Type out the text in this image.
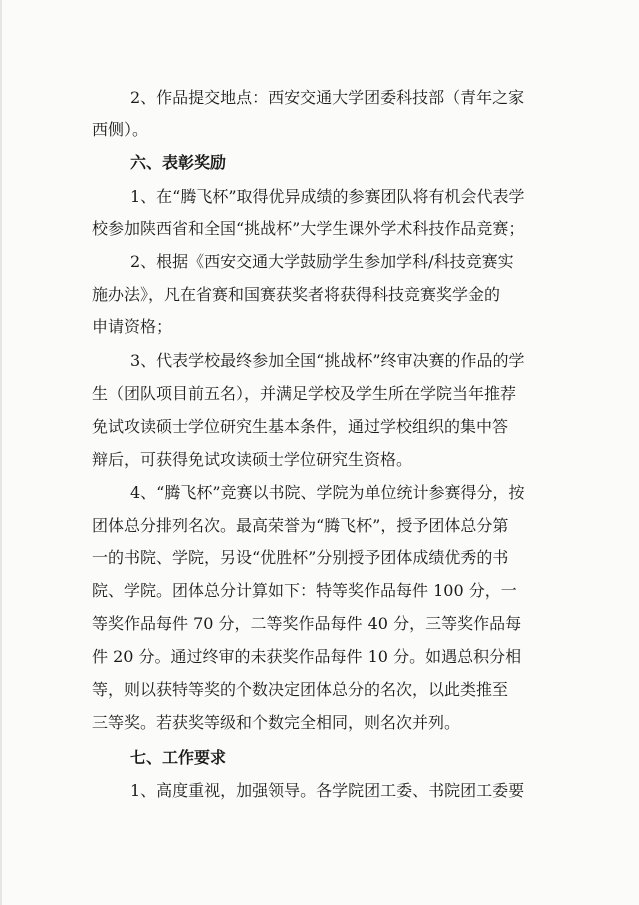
2、作品提交地点：西安交通大学团委科技部（青年之家
西侧）。
六、表彰奖励
1、在“腾飞杯”取得优异成绩的参赛团队将有机会代表学
校参加陕西省和全国“挑战杯”大学生课外学术科技作品竞赛；
2、根据《西安交通大学鼓励学生参加学科/科技竞赛实
施办法》，凡在省赛和国赛获奖者将获得科技竞赛奖学金的
申请资格；
3、代表学校最终参加全国“挑战杯”终审决赛的作品的学
生（团队项目前五名），并满足学校及学生所在学院当年推荐
免试攻读硕士学位研究生基本条件，通过学校组织的集中答
辩后，可获得免试攻读硕士学位研究生资格。
4、“腾飞杯”竞赛以书院、学院为单位统计参赛得分，按
团体总分排列名次。最高荣誉为“腾飞杯”，授予团体总分第
一的书院、学院，另设“优胜杯”分别授予团体成绩优秀的书
院、学院。团体总分计算如下：特等奖作品每件 100 分，一
等奖作品每件 70 分，二等奖作品每件 40 分，三等奖作品每
件 20 分。通过终审的未获奖作品每件 10 分。如遇总积分相
等，则以获特等奖的个数决定团体总分的名次，以此类推至
三等奖。若获奖等级和个数完全相同，则名次并列。
七、工作要求
1、高度重视，加强领导。各学院团工委、书院团工委要
